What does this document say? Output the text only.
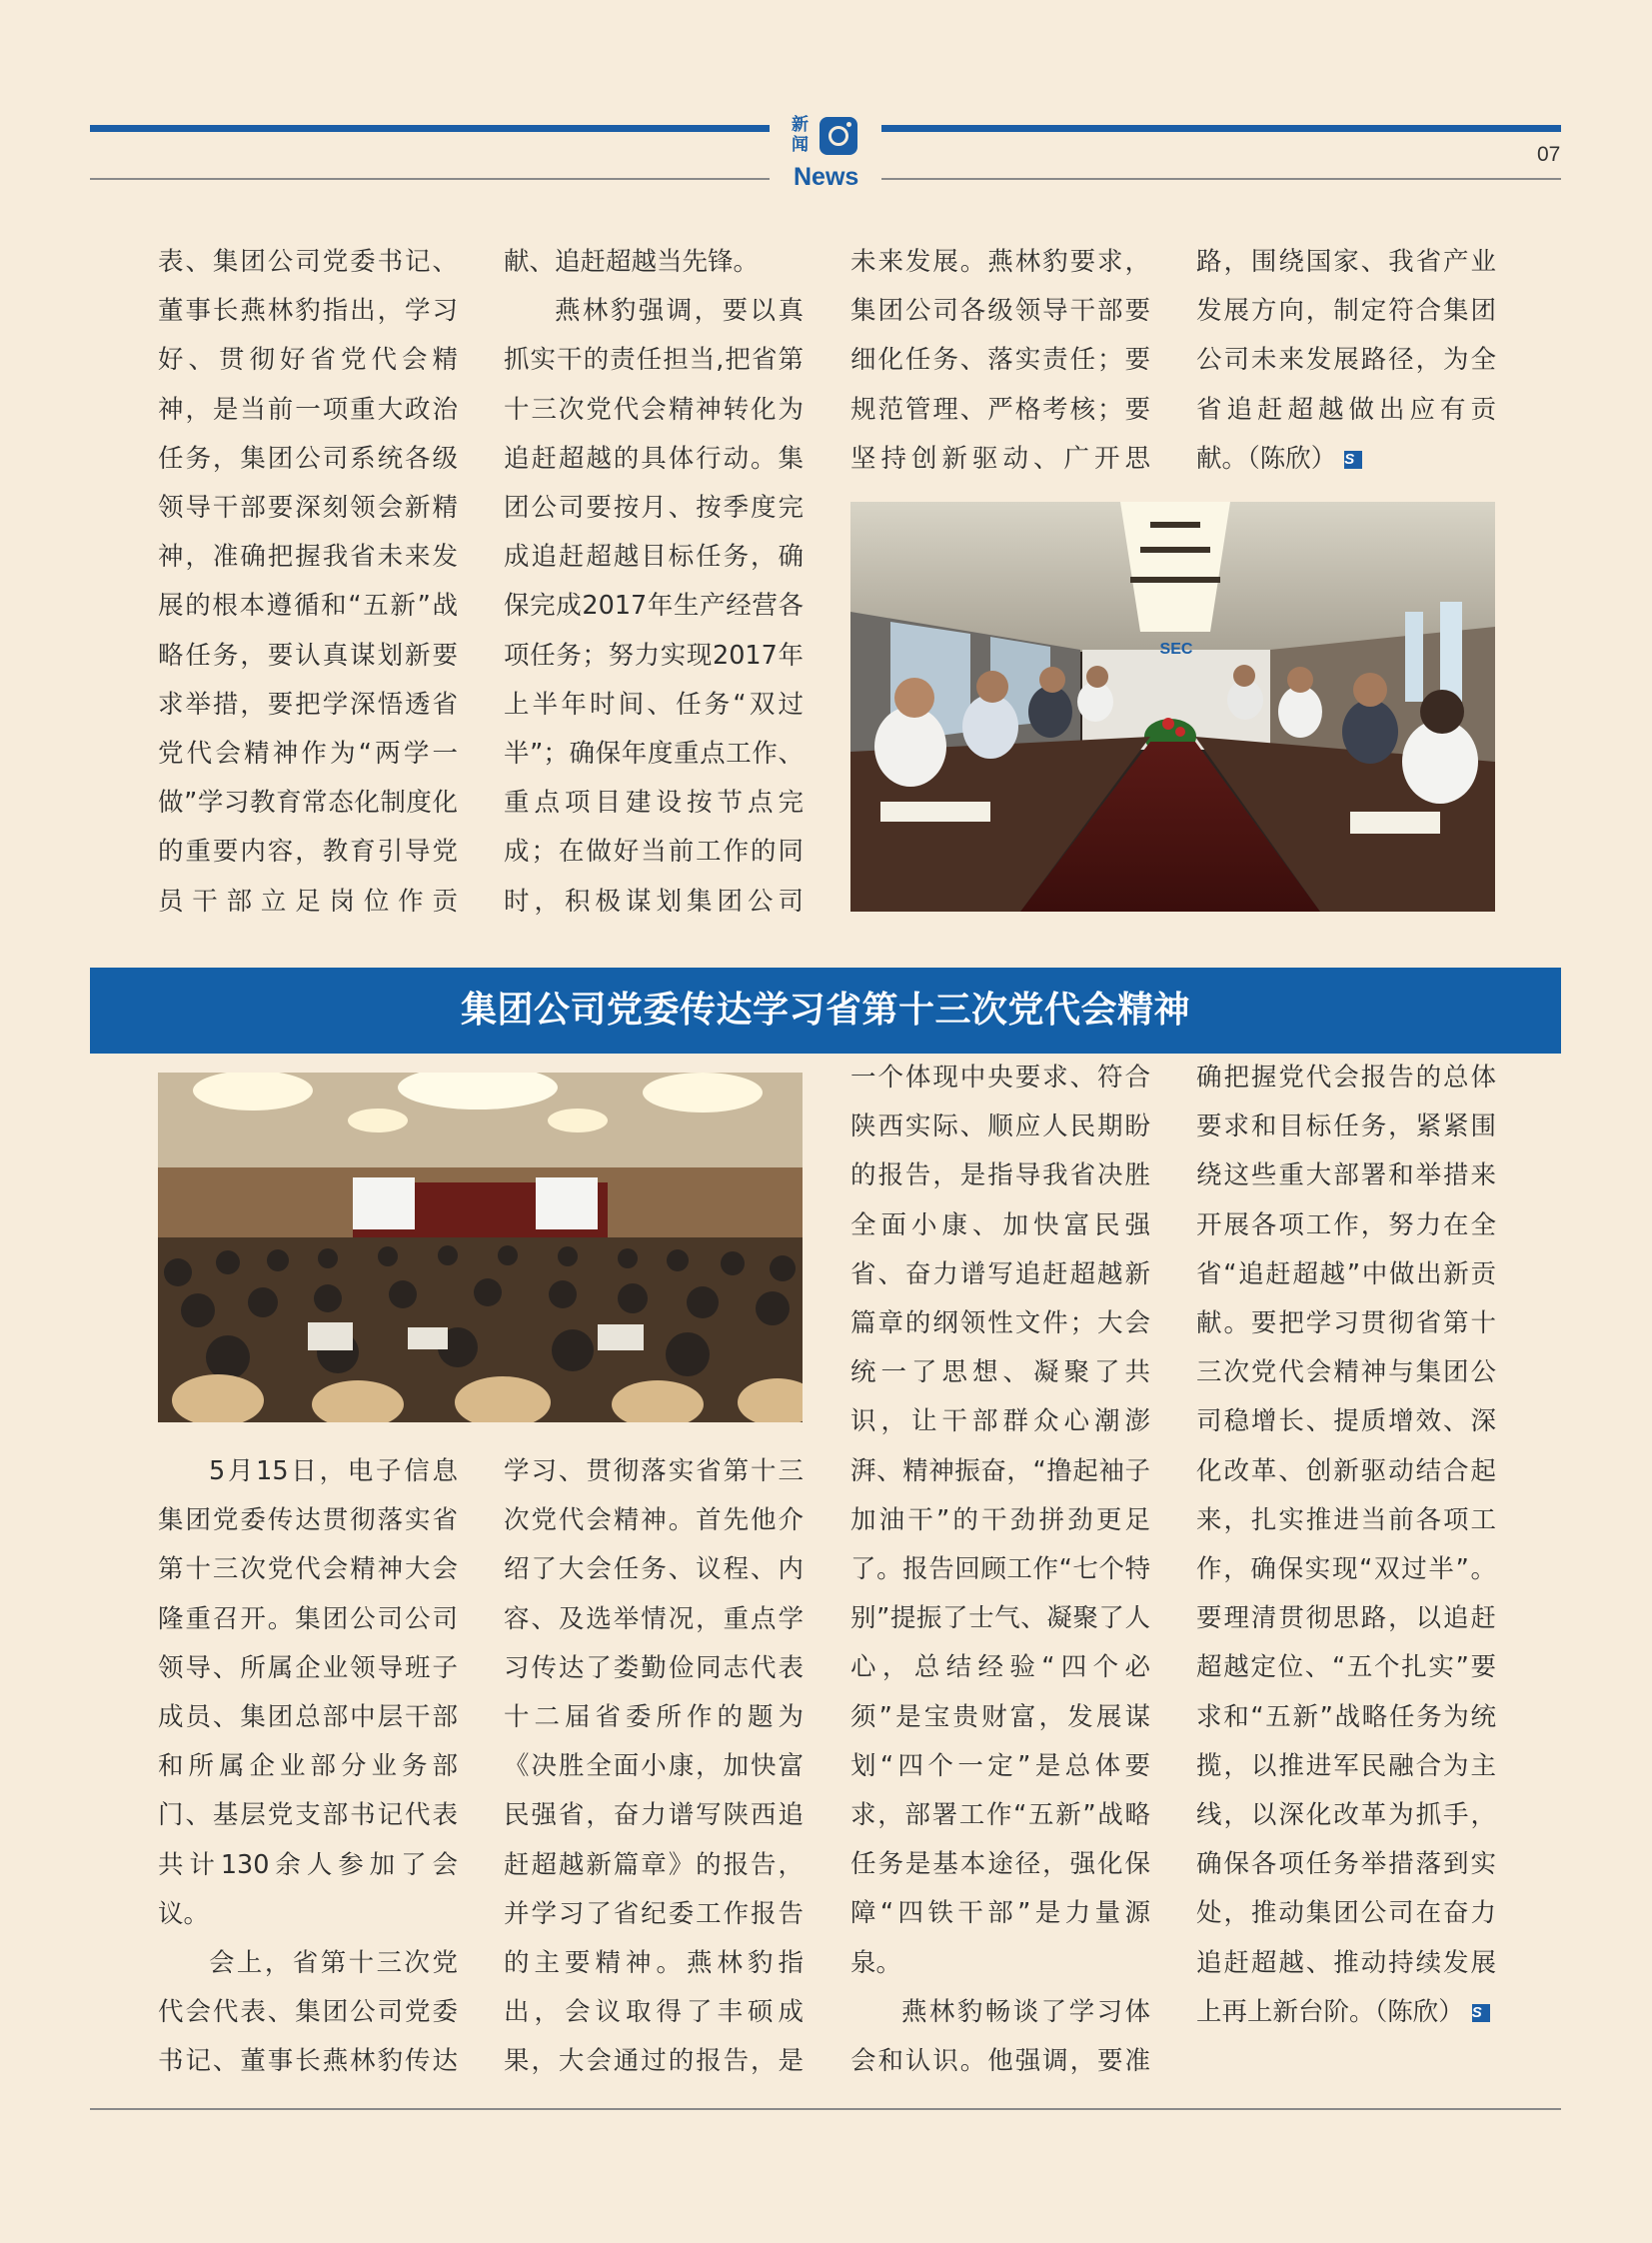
新闻
News
07

表、集团公司党委书记、董事长燕林豹指出，学习好、贯彻好省党代会精神，是当前一项重大政治任务，集团公司系统各级领导干部要深刻领会新精神，准确把握我省未来发展的根本遵循和“五新”战略任务，要认真谋划新要求举措，要把学深悟透省党代会精神作为“两学一做”学习教育常态化制度化的重要内容，教育引导党员干部立足岗位作贡

献、追赶超越当先锋。

燕林豹强调，要以真抓实干的责任担当,把省第十三次党代会精神转化为追赶超越的具体行动。集团公司要按月、按季度完成追赶超越目标任务，确保完成2017年生产经营各项任务；努力实现2017年上半年时间、任务“双过半”；确保年度重点工作、重点项目建设按节点完成；在做好当前工作的同时，积极谋划集团公司

未来发展。燕林豹要求，集团公司各级领导干部要细化任务、落实责任；要规范管理、严格考核；要坚持创新驱动、广开思

路，围绕国家、我省产业发展方向，制定符合集团公司未来发展路径，为全省追赶超越做出应有贡献。（陈欣） S

SEC
集团公司党委传达学习省第十三次党代会精神

5月15日，电子信息集团党委传达贯彻落实省第十三次党代会精神大会隆重召开。集团公司公司领导、所属企业领导班子成员、集团总部中层干部和所属企业部分业务部门、基层党支部书记代表共计130余人参加了会议。

会上，省第十三次党代会代表、集团公司党委书记、董事长燕林豹传达

学习、贯彻落实省第十三次党代会精神。首先他介绍了大会任务、议程、内容、及选举情况，重点学习传达了娄勤俭同志代表十二届省委所作的题为《决胜全面小康，加快富民强省，奋力谱写陕西追赶超越新篇章》的报告，并学习了省纪委工作报告的主要精神。燕林豹指出，会议取得了丰硕成果，大会通过的报告，是

一个体现中央要求、符合陕西实际、顺应人民期盼的报告，是指导我省决胜全面小康、加快富民强省、奋力谱写追赶超越新篇章的纲领性文件；大会统一了思想、凝聚了共识，让干部群众心潮澎湃、精神振奋，“撸起袖子加油干”的干劲拼劲更足了。报告回顾工作“七个特别”提振了士气、凝聚了人心，总结经验“四个必须”是宝贵财富，发展谋划“四个一定”是总体要求，部署工作“五新”战略任务是基本途径，强化保障“四铁干部”是力量源泉。

燕林豹畅谈了学习体会和认识。他强调，要准

确把握党代会报告的总体要求和目标任务，紧紧围绕这些重大部署和举措来开展各项工作，努力在全省“追赶超越”中做出新贡献。要把学习贯彻省第十三次党代会精神与集团公司稳增长、提质增效、深化改革、创新驱动结合起来，扎实推进当前各项工作，确保实现“双过半”。要理清贯彻思路，以追赶超越定位、“五个扎实”要求和“五新”战略任务为统揽，以推进军民融合为主线，以深化改革为抓手，确保各项任务举措落到实处，推动集团公司在奋力追赶超越、推动持续发展上再上新台阶。（陈欣） S
